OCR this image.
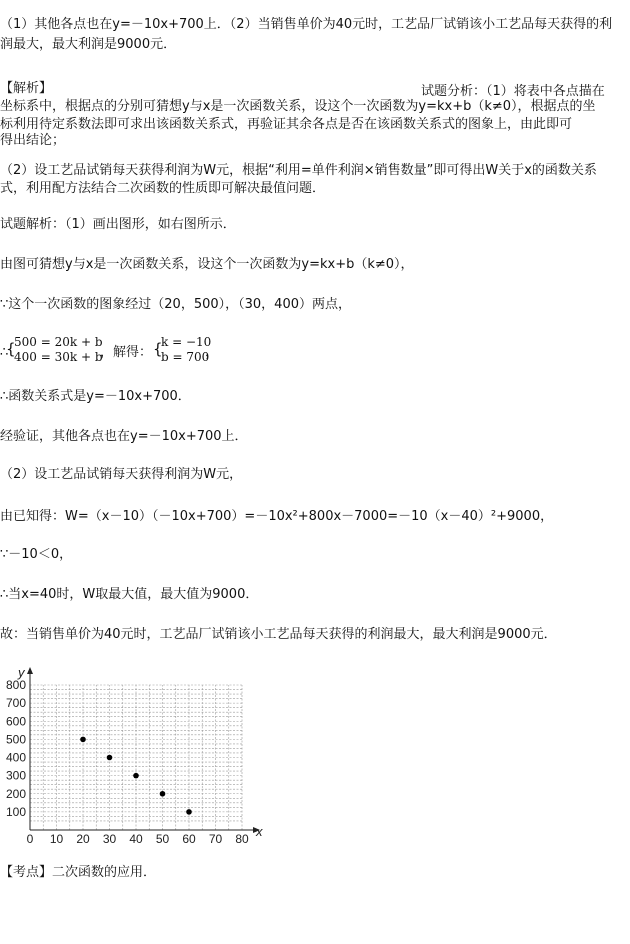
（1）其他各点也在y=－10x+700上．（2）当销售单价为40元时，工艺品厂试销该小工艺品每天获得的利
润最大，最大利润是9000元．
【解析】	试题分析：（1）将表中各点描在
坐标系中，根据点的分别可猜想y与x是一次函数关系，设这个一次函数为y=kx+b（k≠0），根据点的坐
标利用待定系数法即可求出该函数关系式，再验证其余各点是否在该函数关系式的图象上，由此即可
得出结论；
（2）设工艺品试销每天获得利润为W元，根据“利用=单件利润×销售数量”即可得出W关于x的函数关系
式，利用配方法结合二次函数的性质即可解决最值问题．
试题解析：（1）画出图形，如右图所示．
由图可猜想y与x是一次函数关系，设这个一次函数为y=kx+b（k≠0），
∵这个一次函数的图象经过（20，500），（30，400）两点，
∴
{
500 = 20k + b
400 = 30k + b
，解得： {
k = −10
b = 700
，
∴函数关系式是y=－10x+700．
经验证，其他各点也在y=－10x+700上．
（2）设工艺品试销每天获得利润为W元，
由已知得：W=（x－10）（－10x+700）=－10x²+800x－7000=－10（x－40）²+9000，
∵－10＜0，
∴当x=40时，W取最大值，最大值为9000．
故：当销售单价为40元时，工艺品厂试销该小工艺品每天获得的利润最大，最大利润是9000元．
x
y
0 10 20 30 40 50 60 70 80
100
200
300
400
500
600
700
800
【考点】二次函数的应用．
